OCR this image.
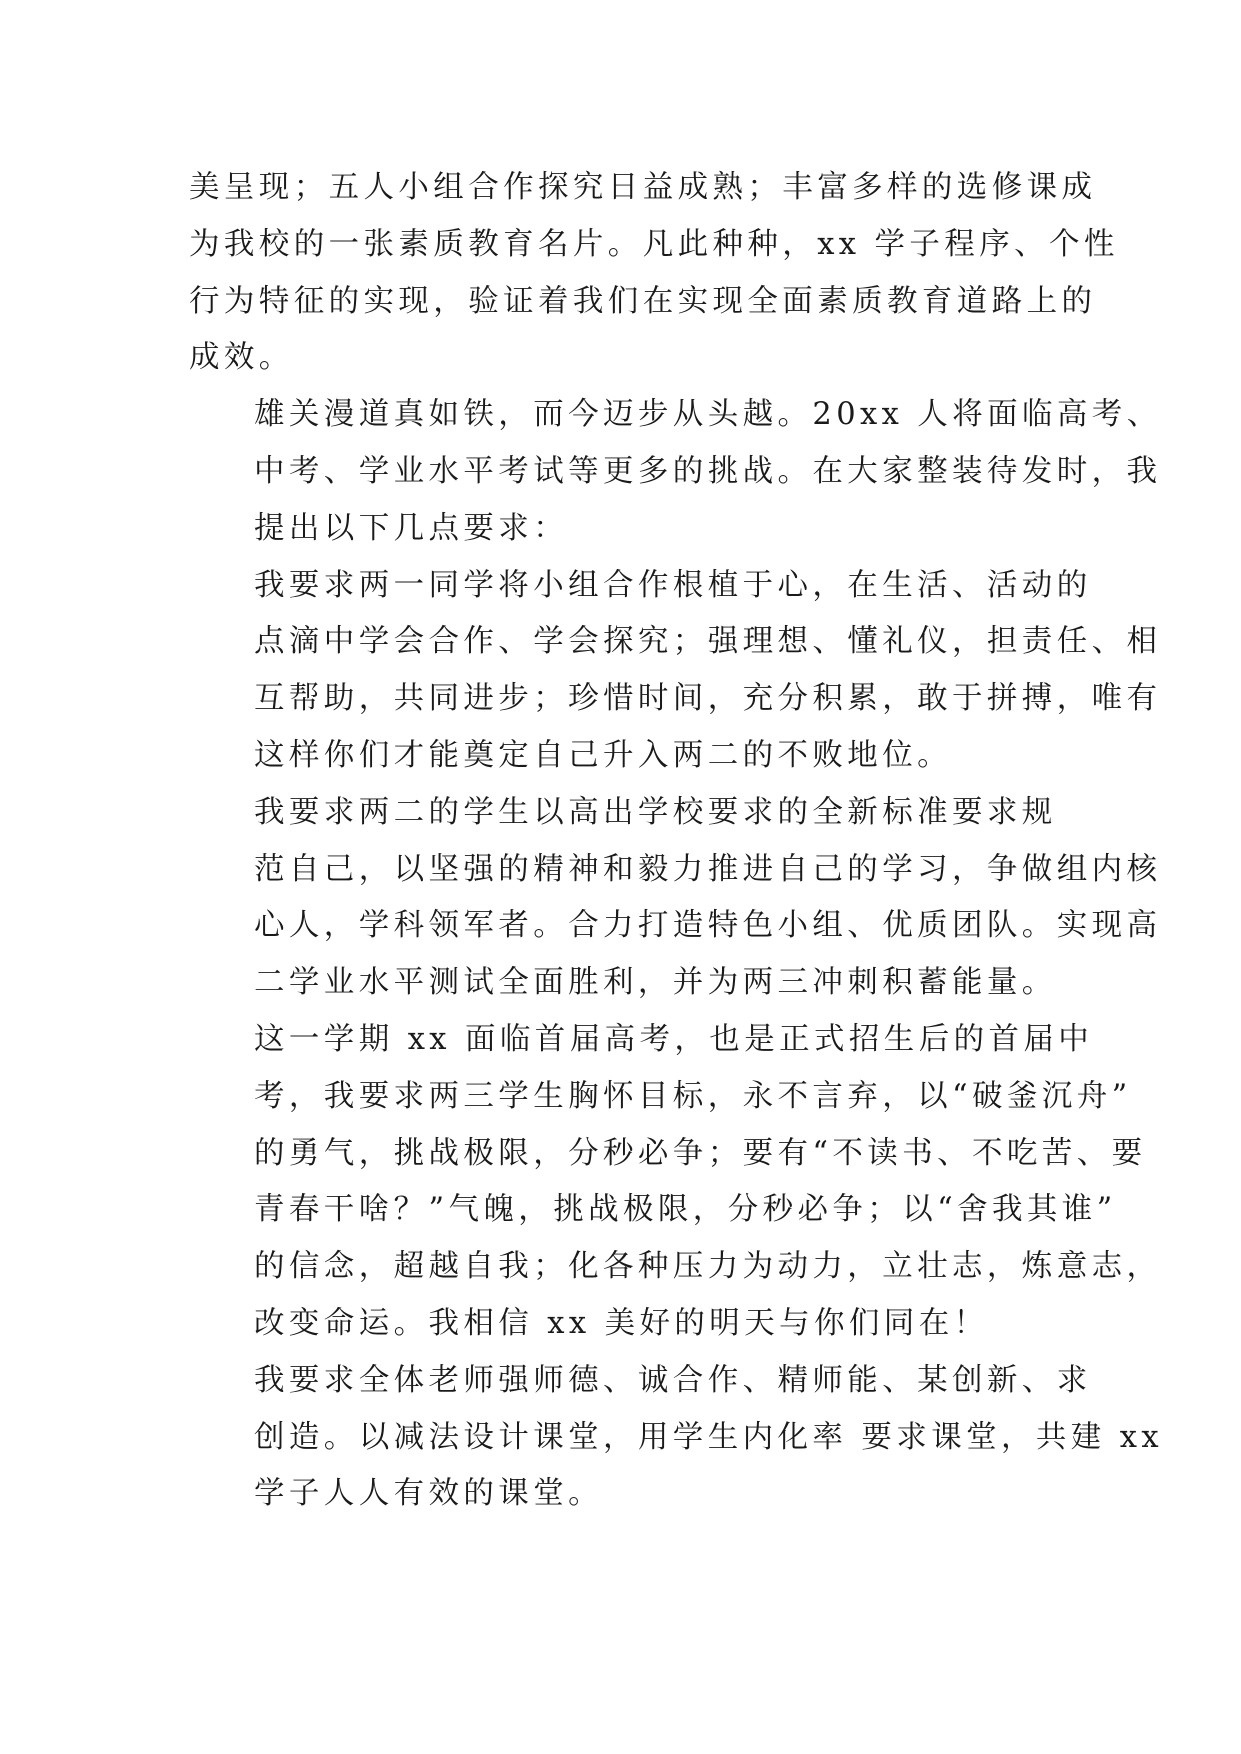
美呈现；五人小组合作探究日益成熟；丰富多样的选修课成
为我校的一张素质教育名片。凡此种种，xx 学子程序、个性
行为特征的实现，验证着我们在实现全面素质教育道路上的
成效。
雄关漫道真如铁，而今迈步从头越。20xx 人将面临高考、
中考、学业水平考试等更多的挑战。在大家整装待发时，我
提出以下几点要求：
我要求两一同学将小组合作根植于心，在生活、活动的
点滴中学会合作、学会探究；强理想、懂礼仪，担责任、相
互帮助，共同进步；珍惜时间，充分积累，敢于拼搏，唯有
这样你们才能奠定自己升入两二的不败地位。
我要求两二的学生以高出学校要求的全新标准要求规
范自己，以坚强的精神和毅力推进自己的学习，争做组内核
心人，学科领军者。合力打造特色小组、优质团队。实现高
二学业水平测试全面胜利，并为两三冲刺积蓄能量。
这一学期 xx 面临首届高考，也是正式招生后的首届中
考，我要求两三学生胸怀目标，永不言弃，以“破釜沉舟”
的勇气，挑战极限，分秒必争；要有“不读书、不吃苦、要
青春干啥？”气魄，挑战极限，分秒必争；以“舍我其谁”
的信念，超越自我；化各种压力为动力，立壮志，炼意志，
改变命运。我相信 xx 美好的明天与你们同在！
我要求全体老师强师德、诚合作、精师能、某创新、求
创造。以减法设计课堂，用学生内化率 要求课堂，共建 xx
学子人人有效的课堂。
